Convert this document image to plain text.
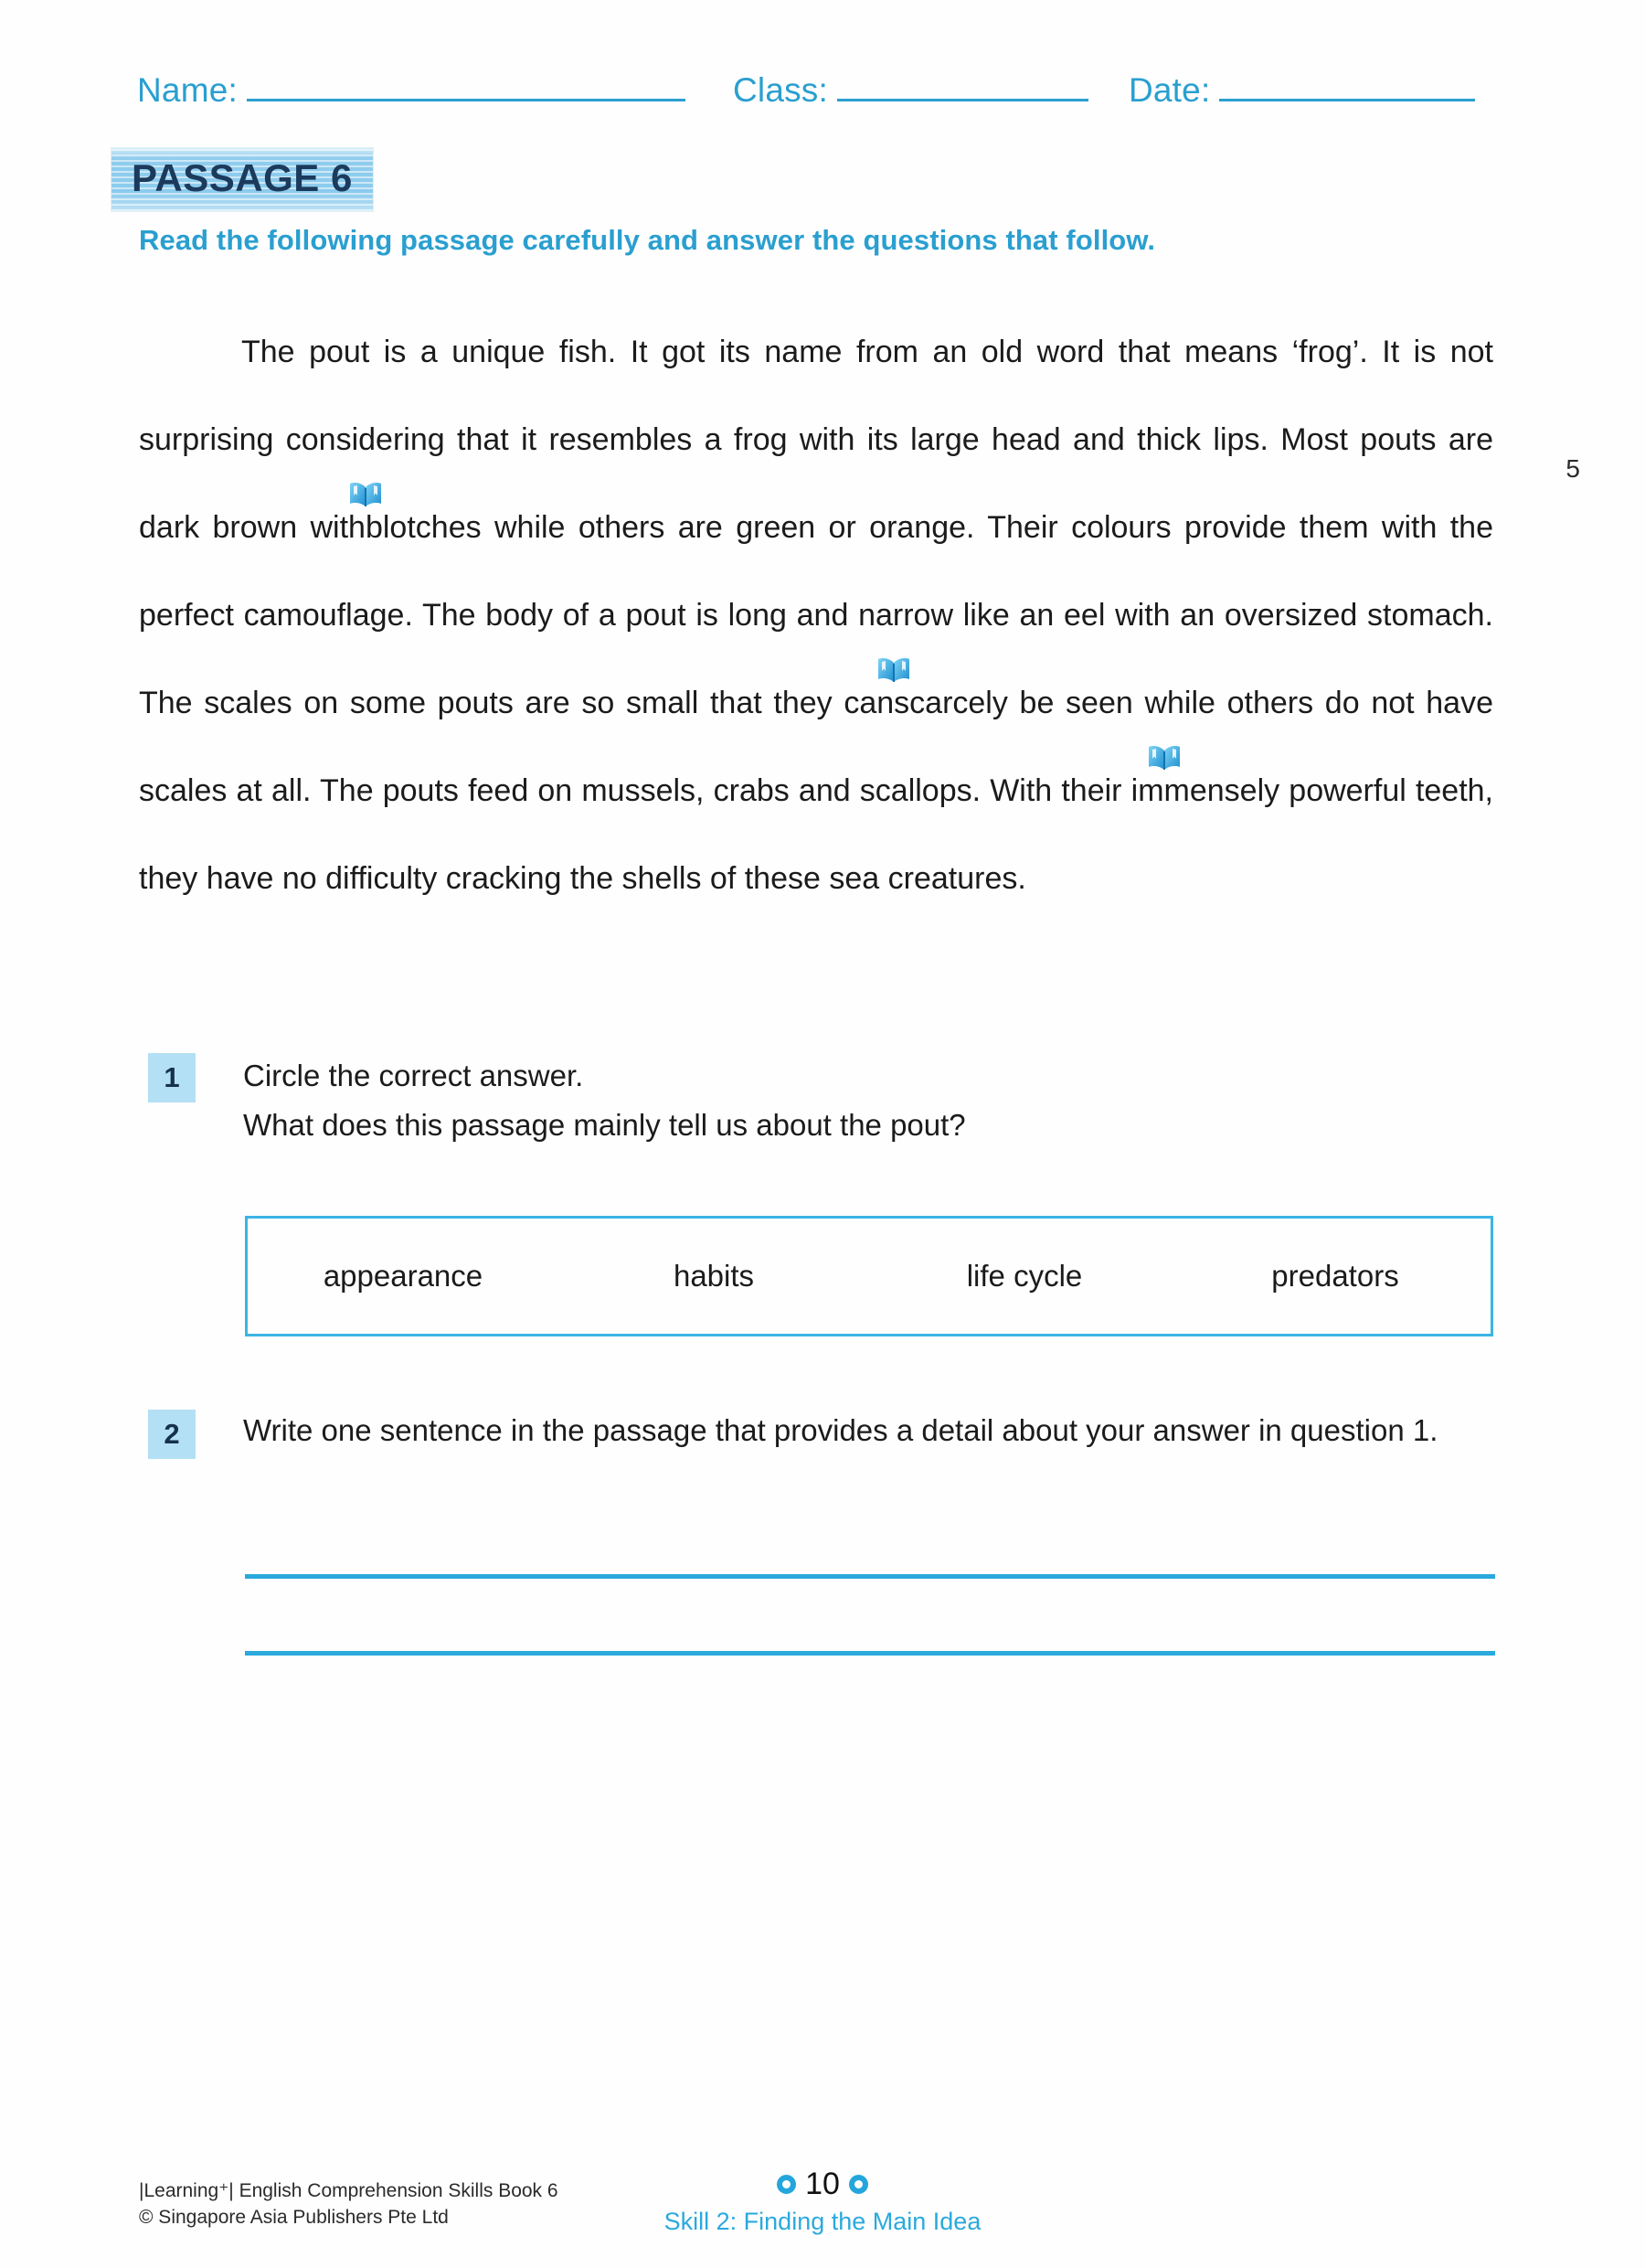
Name:	Class:	Date:
PASSAGE 6
Read the following passage carefully and answer the questions that follow.

The pout is a unique fish. It got its name from an old word that means ‘frog’. It is not surprising considering that it resembles a frog with its large head and thick lips. Most pouts are dark brown with
blotches while others are green or orange. Their colours provide them with the perfect camouflage. The body of a pout is long and narrow like an eel with an oversized stomach. The scales on some pouts are so small that they can
scarcely be seen while others do not have scales at all. The pouts feed on mussels, crabs and scallops. With their im
mensely powerful teeth, they have no difficulty cracking the shells of these sea creatures.

5
1	Circle the correct answer.
What does this passage mainly tell us about the pout?
appearance	habits	life cycle	predators
2	Write one sentence in the passage that provides a detail about your answer in question 1.
|Learning⁺| English Comprehension Skills Book 6
© Singapore Asia Publishers Pte Ltd
10
Skill 2: Finding the Main Idea
